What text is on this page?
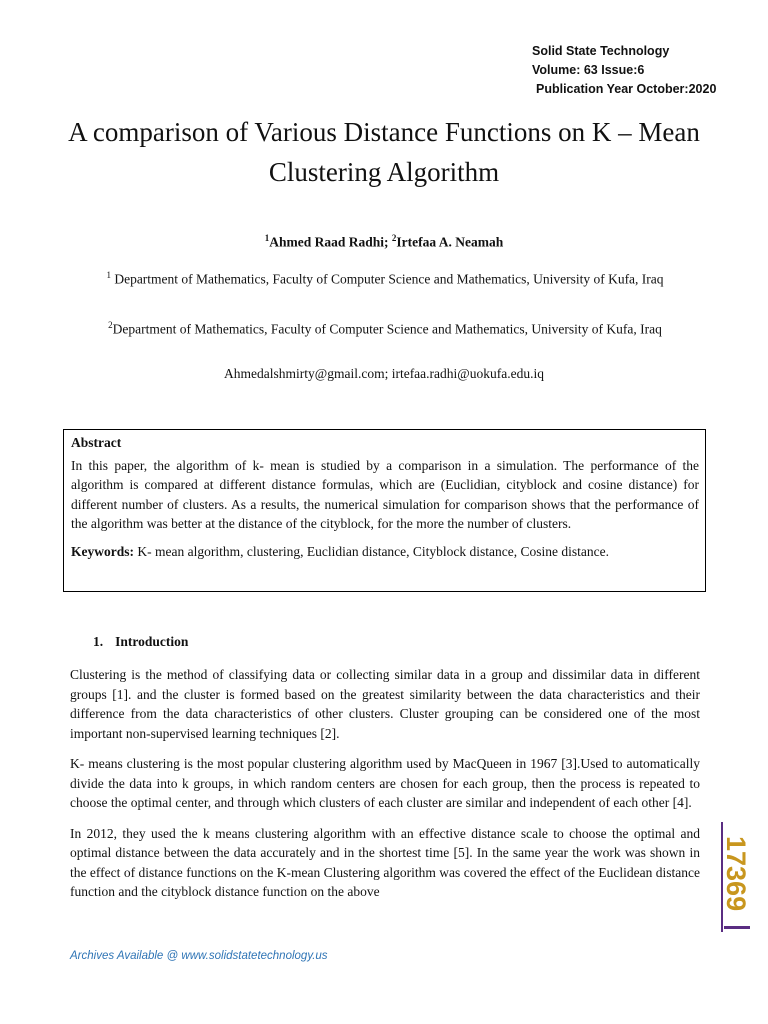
Solid State Technology
Volume: 63 Issue:6
Publication Year October:2020
A comparison of Various Distance Functions on K – Mean Clustering Algorithm
$^1$Ahmed Raad Radhi; $^2$Irtefaa A. Neamah
$^1$ Department of Mathematics, Faculty of Computer Science and Mathematics, University of Kufa, Iraq
$^2$Department of Mathematics, Faculty of Computer Science and Mathematics, University of Kufa, Iraq
Ahmedalshmirty@gmail.com; irtefaa.radhi@uokufa.edu.iq
Abstract
In this paper, the algorithm of k- mean is studied by a comparison in a simulation. The performance of the algorithm is compared at different distance formulas, which are (Euclidian, cityblock and cosine distance) for different number of clusters. As a results, the numerical simulation for comparison shows that the performance of the algorithm was better at the distance of the cityblock, for the more the number of clusters.
Keywords: K- mean algorithm, clustering, Euclidian distance, Cityblock distance, Cosine distance.
1. Introduction

Clustering is the method of classifying data or collecting similar data in a group and dissimilar data in different groups [1]. and the cluster is formed based on the greatest similarity between the data characteristics and their difference from the data characteristics of other clusters. Cluster grouping can be considered one of the most important non-supervised learning techniques [2].

K- means clustering is the most popular clustering algorithm used by MacQueen in 1967 [3].Used to automatically divide the data into k groups, in which random centers are chosen for each group, then the process is repeated to choose the optimal center, and through which clusters of each cluster are similar and independent of each other [4].

In 2012, they used the k means clustering algorithm with an effective distance scale to choose the optimal and optimal distance between the data accurately and in the shortest time [5]. In the same year the work was shown in the effect of distance functions on the K-mean Clustering algorithm was covered the effect of the Euclidean distance function and the cityblock distance function on the above	17369
Archives Available @ www.solidstatetechnology.us
